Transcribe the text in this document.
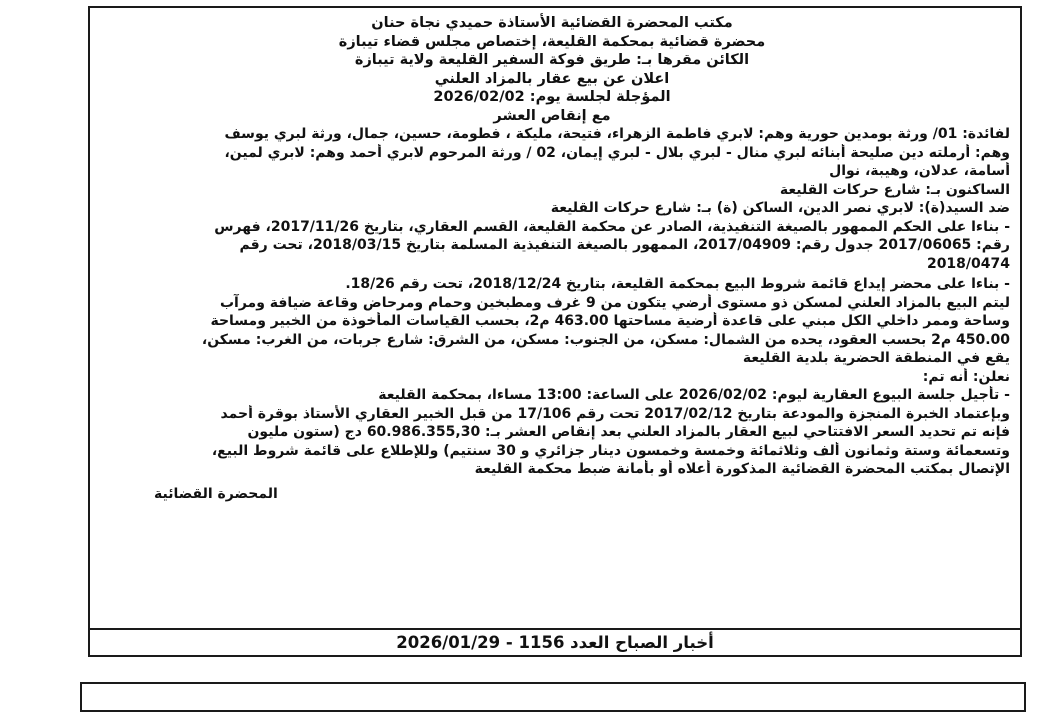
مكتب المحضرة القضائية الأستاذة حميدي نجاة حنان
محضرة قضائية بمحكمة القليعة، إختصاص مجلس قضاء تيبازة
الكائن مقرها بـ: طريق فوكة السفير القليعة ولاية تيبازة
اعلان عن بيع عقار بالمزاد العلني
المؤجلة لجلسة يوم: 2026/02/02
مع إنقاص العشر
لفائدة: 01/ ورثة بومدين حورية وهم: لابري فاطمة الزهراء، فتيحة، مليكة ، فطومة، حسين، جمال، ورثة لبري يوسف
وهم: أرملته دين صليحة أبنائه لبري منال - لبري بلال - لبري إيمان، 02 / ورثة المرحوم لابري أحمد وهم: لابري لمين،
أسامة، عدلان، وهيبة، نوال
الساكنون بـ: شارع حركات القليعة
ضد السيد(ة): لابري نصر الدين، الساكن (ة) بـ: شارع حركات القليعة
- بناءا على الحكم الممهور بالصيغة التنفيذية، الصادر عن محكمة القليعة، القسم العقاري، بتاريخ 2017/11/26، فهرس
رقم: 2017/06065 جدول رقم: 2017/04909، الممهور بالصيغة التنفيذية المسلمة بتاريخ 2018/03/15، تحت رقم
2018/0474
- بناءا على محضر إيداع قائمة شروط البيع بمحكمة القليعة، بتاريخ 2018/12/24، تحت رقم 18/26.
ليتم البيع بالمزاد العلني لمسكن ذو مستوى أرضي يتكون من 9 غرف ومطبخين وحمام ومرحاض وقاعة ضيافة ومرآب
وساحة وممر داخلي الكل مبني على قاعدة أرضية مساحتها 463.00 م2، بحسب القياسات المأخوذة من الخبير ومساحة
450.00 م2 بحسب العقود، يحده من الشمال: مسكن، من الجنوب: مسكن، من الشرق: شارع جربات، من الغرب: مسكن،
يقع في المنطقة الحضرية بلدية القليعة
نعلن: أنه تم:
- تأجيل جلسة البيوع العقارية ليوم: 2026/02/02 على الساعة: 13:00 مساءا، بمحكمة القليعة
وبإعتماد الخبرة المنجزة والمودعة بتاريخ 2017/02/12 تحت رقم 17/106 من قبل الخبير العقاري الأستاذ بوقرة أحمد
فإنه تم تحديد السعر الافتتاحي لبيع العقار بالمزاد العلني بعد إنقاص العشر بـ: 60.986.355,30 دج (ستون مليون
وتسعمائة وستة وثمانون ألف وثلاثمائة وخمسة وخمسون دينار جزائري و 30 سنتيم) وللإطلاع على قائمة شروط البيع،
الإتصال بمكتب المحضرة القضائية المذكورة أعلاه أو بأمانة ضبط محكمة القليعة
المحضرة القضائية
أخبار الصباح العدد 1156 - 2026/01/29
